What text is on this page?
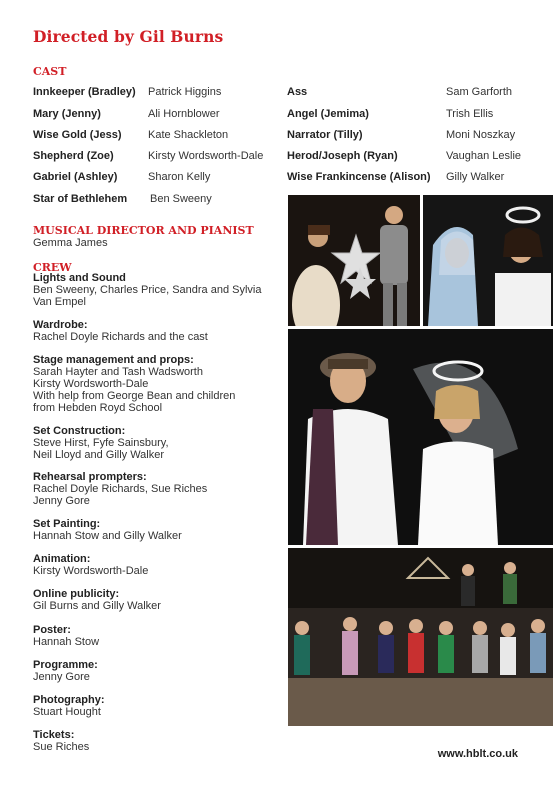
Directed by Gil Burns
CAST
Innkeeper (Bradley) Patrick Higgins
Mary (Jenny)	Ali Hornblower
Wise Gold (Jess) Kate Shackleton
Shepherd (Zoe)	Kirsty Wordsworth-Dale
Gabriel (Ashley)	Sharon Kelly
Star of Bethlehem Ben Sweeny
Ass	Sam Garforth
Angel (Jemima)	Trish Ellis
Narrator (Tilly)	Moni Noszkay
Herod/Joseph (Ryan)	Vaughan Leslie
Wise Frankincense (Alison) Gilly Walker
MUSICAL DIRECTOR AND PIANIST
Gemma James
CREW
Lights and Sound
Ben Sweeny, Charles Price, Sandra and Sylvia
Van Empel
Wardrobe:
Rachel Doyle Richards and the cast
Stage management and props:
Sarah Hayter and Tash Wadsworth
Kirsty Wordsworth-Dale
With help from George Bean and children
from Hebden Royd School
Set Construction:
Steve Hirst, Fyfe Sainsbury,
Neil Lloyd and Gilly Walker
Rehearsal prompters:
Rachel Doyle Richards, Sue Riches
Jenny Gore
Set Painting:
Hannah Stow and Gilly Walker
Animation:
Kirsty Wordsworth-Dale
Online publicity:
Gil Burns and Gilly Walker
Poster:
Hannah Stow
Programme:
Jenny Gore
Photography:
Stuart Hought
Tickets:
Sue Riches
www.hblt.co.uk
